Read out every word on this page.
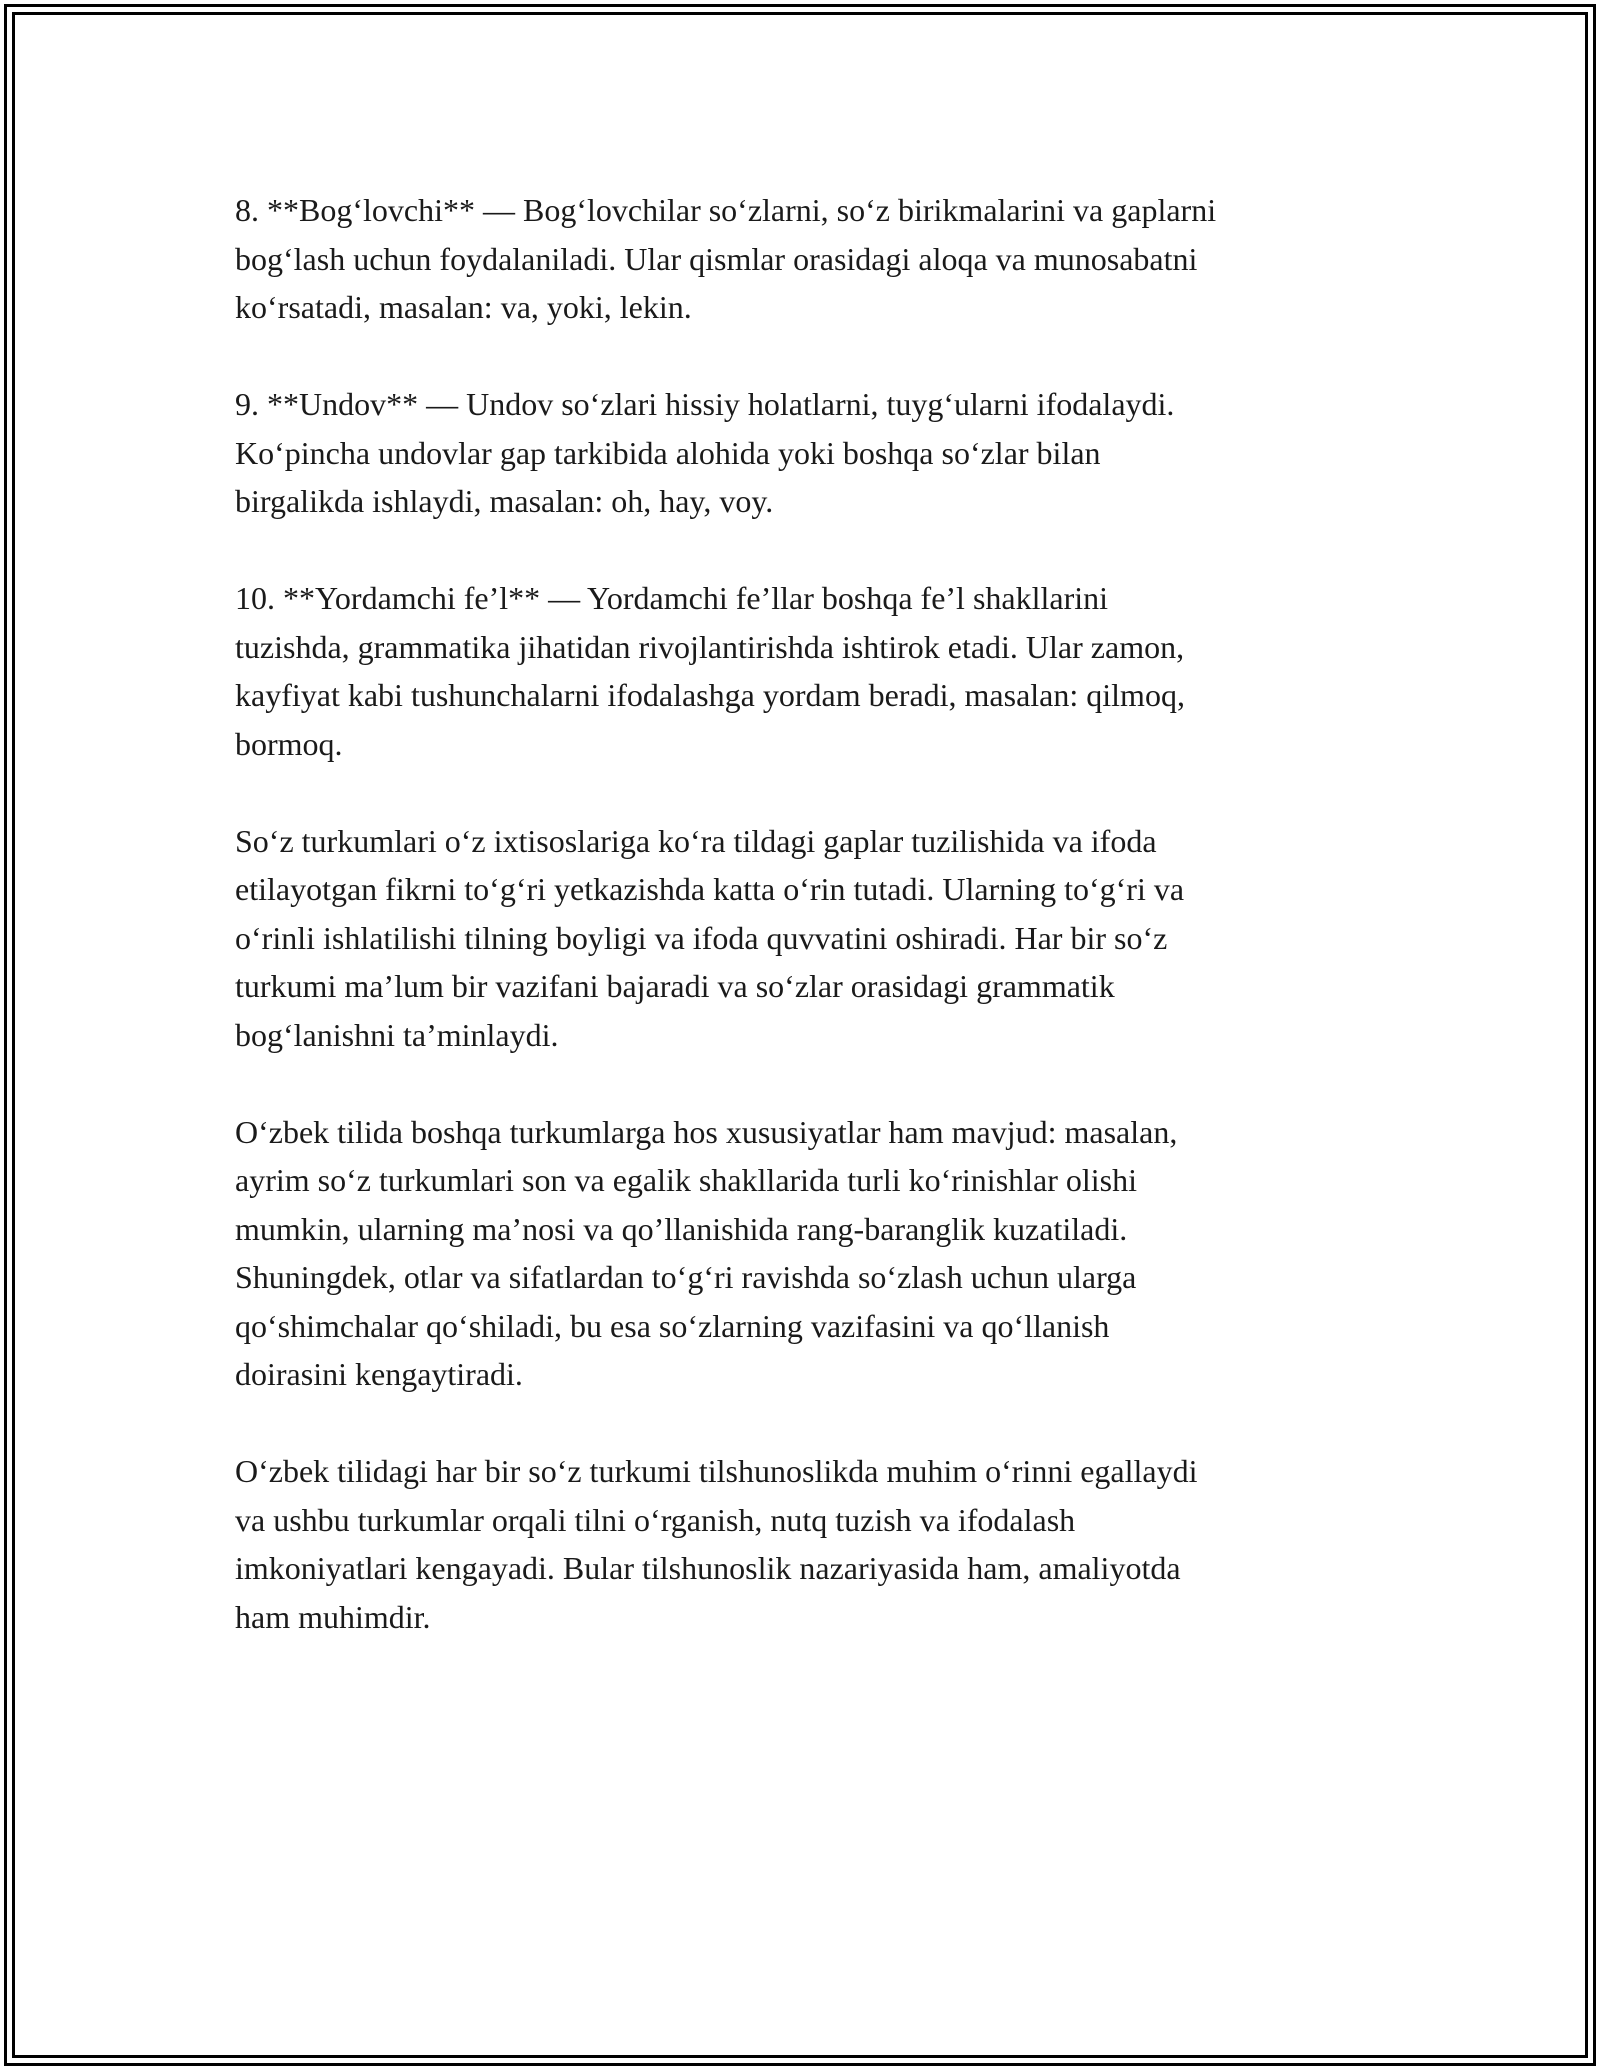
8. **Bog‘lovchi** — Bog‘lovchilar so‘zlarni, so‘z birikmalarini va gaplarni
bog‘lash uchun foydalaniladi. Ular qismlar orasidagi aloqa va munosabatni
ko‘rsatadi, masalan: va, yoki, lekin.

9. **Undov** — Undov so‘zlari hissiy holatlarni, tuyg‘ularni ifodalaydi.
Ko‘pincha undovlar gap tarkibida alohida yoki boshqa so‘zlar bilan
birgalikda ishlaydi, masalan: oh, hay, voy.

10. **Yordamchi fe’l** — Yordamchi fe’llar boshqa fe’l shakllarini
tuzishda, grammatika jihatidan rivojlantirishda ishtirok etadi. Ular zamon,
kayfiyat kabi tushunchalarni ifodalashga yordam beradi, masalan: qilmoq,
bormoq.

So‘z turkumlari o‘z ixtisoslariga ko‘ra tildagi gaplar tuzilishida va ifoda
etilayotgan fikrni to‘g‘ri yetkazishda katta o‘rin tutadi. Ularning to‘g‘ri va
o‘rinli ishlatilishi tilning boyligi va ifoda quvvatini oshiradi. Har bir so‘z
turkumi ma’lum bir vazifani bajaradi va so‘zlar orasidagi grammatik
bog‘lanishni ta’minlaydi.

O‘zbek tilida boshqa turkumlarga hos xususiyatlar ham mavjud: masalan,
ayrim so‘z turkumlari son va egalik shakllarida turli ko‘rinishlar olishi
mumkin, ularning ma’nosi va qo’llanishida rang-baranglik kuzatiladi.
Shuningdek, otlar va sifatlardan to‘g‘ri ravishda so‘zlash uchun ularga
qo‘shimchalar qo‘shiladi, bu esa so‘zlarning vazifasini va qo‘llanish
doirasini kengaytiradi.

O‘zbek tilidagi har bir so‘z turkumi tilshunoslikda muhim o‘rinni egallaydi
va ushbu turkumlar orqali tilni o‘rganish, nutq tuzish va ifodalash
imkoniyatlari kengayadi. Bular tilshunoslik nazariyasida ham, amaliyotda
ham muhimdir.
